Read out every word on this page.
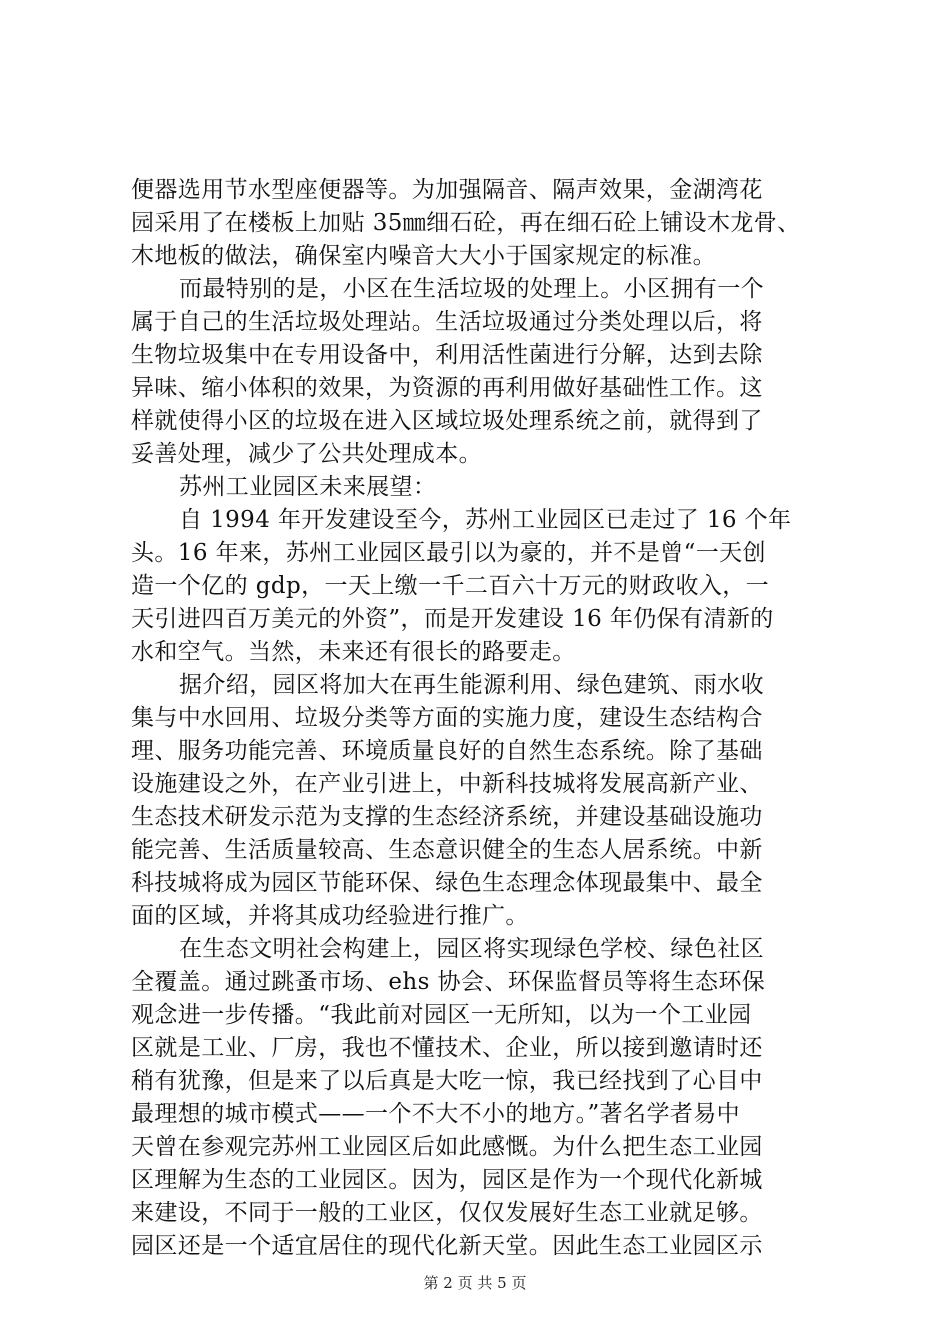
便器选用节水型座便器等。为加强隔音、隔声效果，金湖湾花
园采用了在楼板上加贴 35㎜细石砼，再在细石砼上铺设木龙骨、
木地板的做法，确保室内噪音大大小于国家规定的标准。
而最特别的是，小区在生活垃圾的处理上。小区拥有一个
属于自己的生活垃圾处理站。生活垃圾通过分类处理以后，将
生物垃圾集中在专用设备中，利用活性菌进行分解，达到去除
异味、缩小体积的效果，为资源的再利用做好基础性工作。这
样就使得小区的垃圾在进入区域垃圾处理系统之前，就得到了
妥善处理，减少了公共处理成本。
苏州工业园区未来展望：
自 1994 年开发建设至今，苏州工业园区已走过了 16 个年
头。16 年来，苏州工业园区最引以为豪的，并不是曾“一天创
造一个亿的 gdp，一天上缴一千二百六十万元的财政收入，一
天引进四百万美元的外资”，而是开发建设 16 年仍保有清新的
水和空气。当然，未来还有很长的路要走。
据介绍，园区将加大在再生能源利用、绿色建筑、雨水收
集与中水回用、垃圾分类等方面的实施力度，建设生态结构合
理、服务功能完善、环境质量良好的自然生态系统。除了基础
设施建设之外，在产业引进上，中新科技城将发展高新产业、
生态技术研发示范为支撑的生态经济系统，并建设基础设施功
能完善、生活质量较高、生态意识健全的生态人居系统。中新
科技城将成为园区节能环保、绿色生态理念体现最集中、最全
面的区域，并将其成功经验进行推广。
在生态文明社会构建上，园区将实现绿色学校、绿色社区
全覆盖。通过跳蚤市场、ehs 协会、环保监督员等将生态环保
观念进一步传播。“我此前对园区一无所知，以为一个工业园
区就是工业、厂房，我也不懂技术、企业，所以接到邀请时还
稍有犹豫，但是来了以后真是大吃一惊，我已经找到了心目中
最理想的城市模式——一个不大不小的地方。”著名学者易中
天曾在参观完苏州工业园区后如此感慨。为什么把生态工业园
区理解为生态的工业园区。因为，园区是作为一个现代化新城
来建设，不同于一般的工业区，仅仅发展好生态工业就足够。
园区还是一个适宜居住的现代化新天堂。因此生态工业园区示
第 2 页 共 5 页
